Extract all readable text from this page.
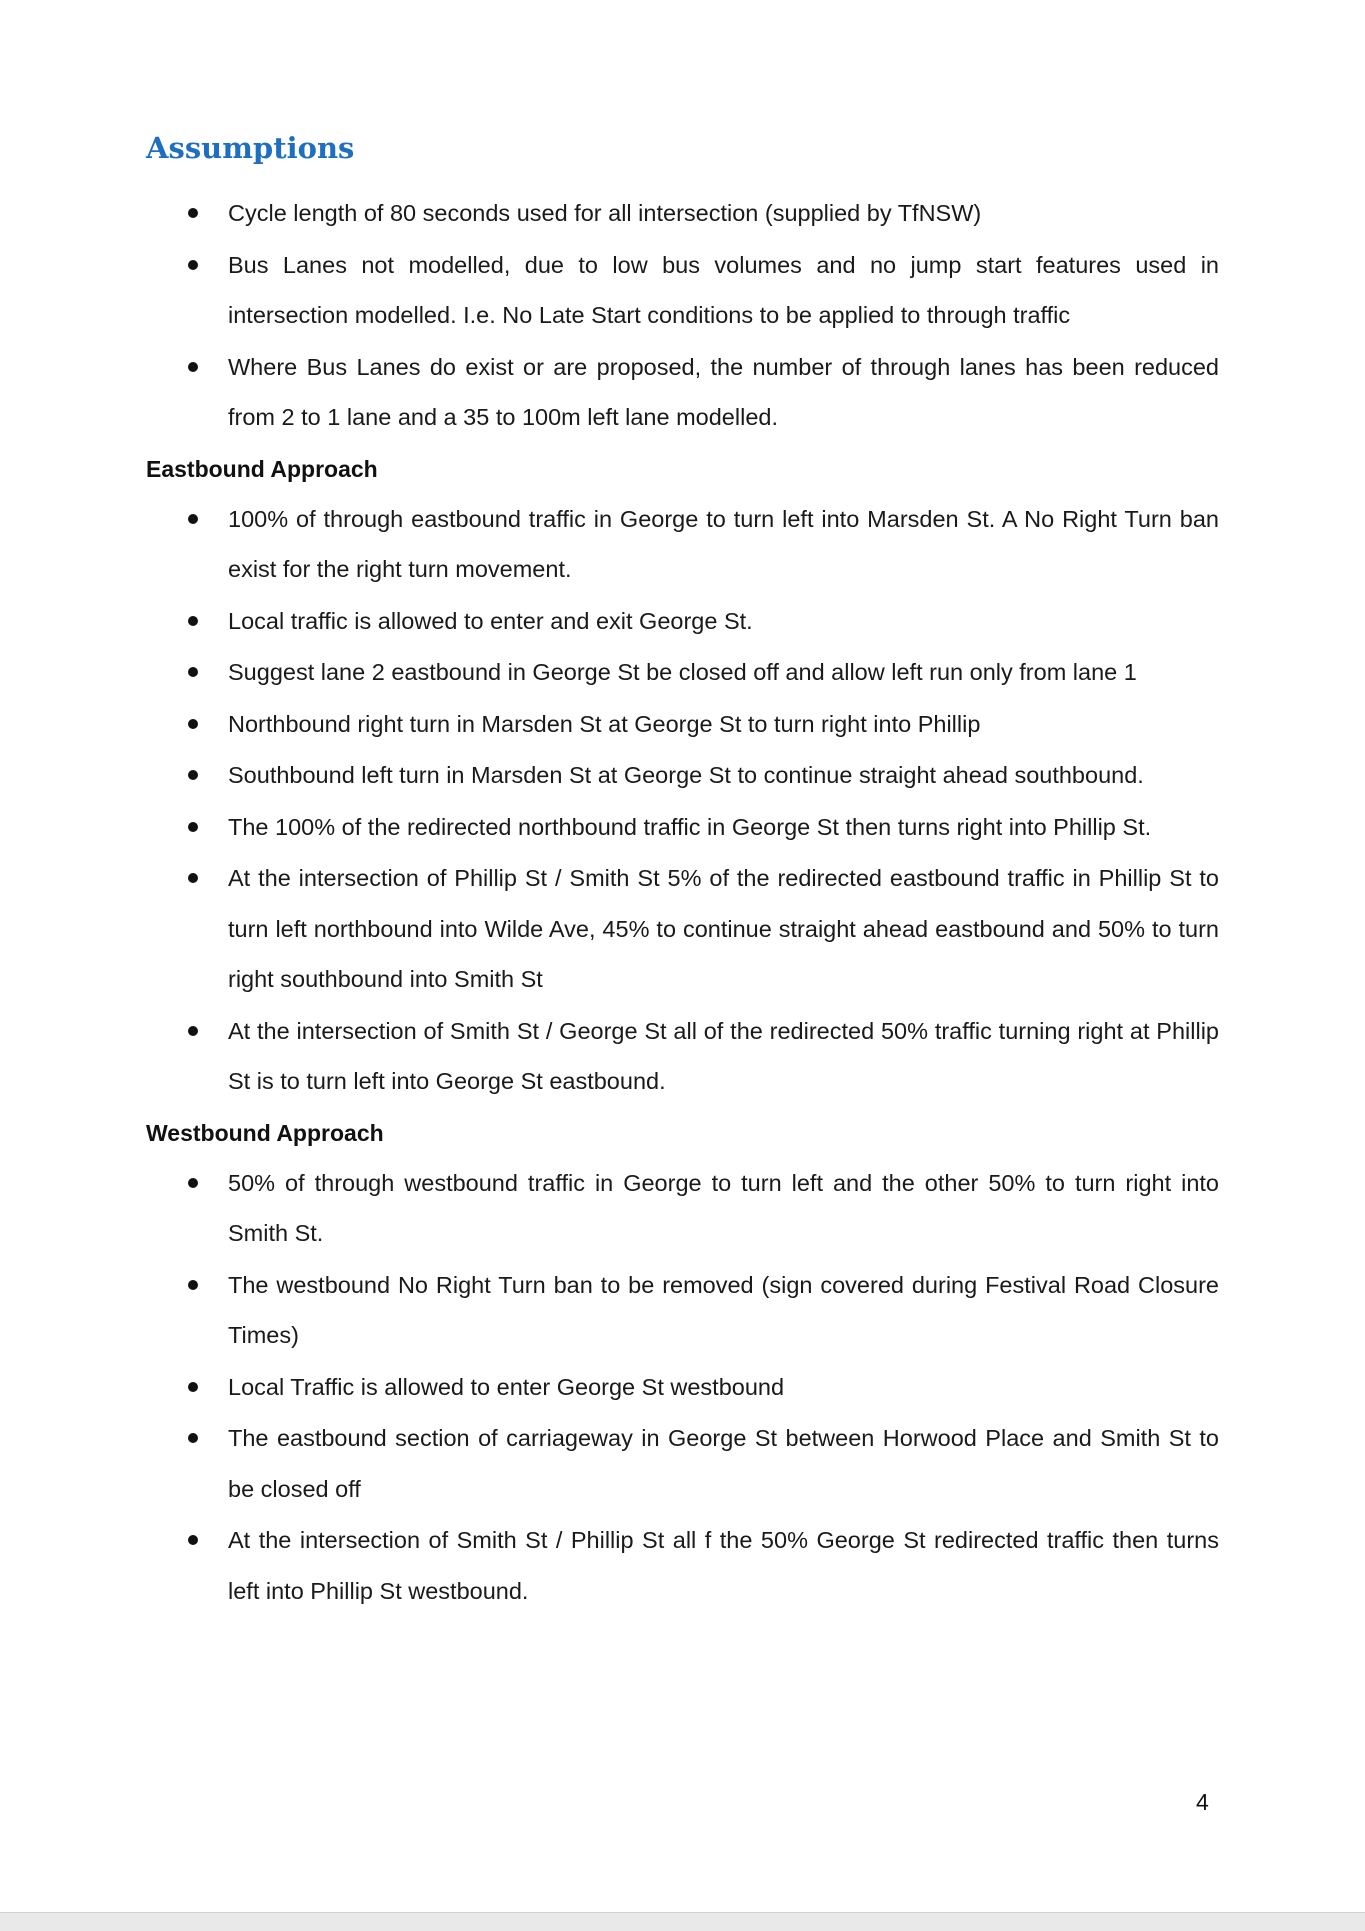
Assumptions
Cycle length of 80 seconds used for all intersection (supplied by TfNSW)
Bus Lanes not modelled, due to low bus volumes and no jump start features used in intersection modelled. I.e. No Late Start conditions to be applied to through traffic
Where Bus Lanes do exist or are proposed, the number of through lanes has been reduced from 2 to 1 lane and a 35 to 100m left lane modelled.

Eastbound Approach

100% of through eastbound traffic in George to turn left into Marsden St. A No Right Turn ban exist for the right turn movement.
Local traffic is allowed to enter and exit George St.
Suggest lane 2 eastbound in George St be closed off and allow left run only from lane 1
Northbound right turn in Marsden St at George St to turn right into Phillip
Southbound left turn in Marsden St at George St to continue straight ahead southbound.
The 100% of the redirected northbound traffic in George St then turns right into Phillip St.
At the intersection of Phillip St / Smith St 5% of the redirected eastbound traffic in Phillip St to turn left northbound into Wilde Ave, 45% to continue straight ahead eastbound and 50% to turn right southbound into Smith St
At the intersection of Smith St / George St all of the redirected 50% traffic turning right at Phillip St is to turn left into George St eastbound.

Westbound Approach

50% of through westbound traffic in George to turn left and the other 50% to turn right into Smith St.
The westbound No Right Turn ban to be removed (sign covered during Festival Road Closure Times)
Local Traffic is allowed to enter George St westbound
The eastbound section of carriageway in George St between Horwood Place and Smith St to be closed off
At the intersection of Smith St / Phillip St all f the 50% George St redirected traffic then turns left into Phillip St westbound.
4
